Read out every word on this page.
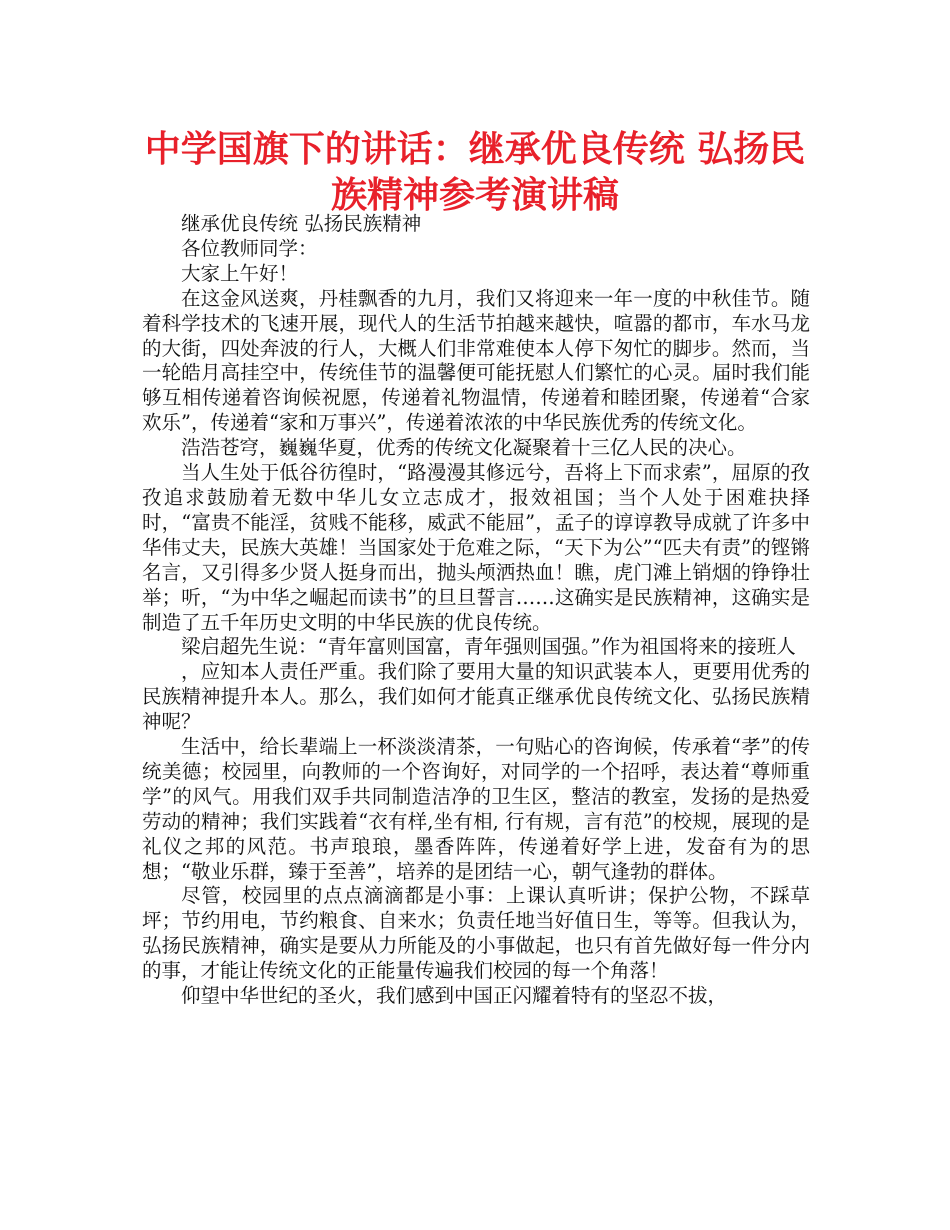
中学国旗下的讲话：继承优良传统 弘扬民
族精神参考演讲稿

继承优良传统 弘扬民族精神

各位教师同学：

大家上午好！

在这金风送爽，丹桂飘香的九月，我们又将迎来一年一度的中秋佳节。随着科学技术的飞速开展，现代人的生活节拍越来越快，喧嚣的都市，车水马龙的大街，四处奔波的行人，大概人们非常难使本人停下匆忙的脚步。然而，当一轮皓月高挂空中，传统佳节的温馨便可能抚慰人们繁忙的心灵。届时我们能够互相传递着咨询候祝愿，传递着礼物温情，传递着和睦团聚，传递着“合家欢乐”，传递着“家和万事兴”，传递着浓浓的中华民族优秀的传统文化。

浩浩苍穹，巍巍华夏，优秀的传统文化凝聚着十三亿人民的决心。

当人生处于低谷彷徨时，“路漫漫其修远兮，吾将上下而求索”，屈原的孜孜追求鼓励着无数中华儿女立志成才，报效祖国；当个人处于困难抉择时，“富贵不能淫，贫贱不能移，威武不能屈”，孟子的谆谆教导成就了许多中华伟丈夫，民族大英雄！当国家处于危难之际，“天下为公”“匹夫有责”的铿锵名言，又引得多少贤人挺身而出，抛头颅洒热血！瞧，虎门滩上销烟的铮铮壮举；听，“为中华之崛起而读书”的旦旦誓言……这确实是民族精神，这确实是制造了五千年历史文明的中华民族的优良传统。

梁启超先生说：“青年富则国富，青年强则国强。”作为祖国将来的接班人

，应知本人责任严重。我们除了要用大量的知识武装本人，更要用优秀的民族精神提升本人。那么，我们如何才能真正继承优良传统文化、弘扬民族精神呢？

生活中，给长辈端上一杯淡淡清茶，一句贴心的咨询候，传承着“孝”的传统美德；校园里，向教师的一个咨询好，对同学的一个招呼，表达着“尊师重学”的风气。用我们双手共同制造洁净的卫生区，整洁的教室，发扬的是热爱劳动的精神；我们实践着“衣有样,坐有相, 行有规，言有范”的校规，展现的是礼仪之邦的风范。书声琅琅，墨香阵阵，传递着好学上进，发奋有为的思想；“敬业乐群，臻于至善”，培养的是团结一心，朝气逢勃的群体。

尽管，校园里的点点滴滴都是小事：上课认真听讲；保护公物，不踩草坪；节约用电，节约粮食、自来水；负责任地当好值日生，等等。但我认为，弘扬民族精神，确实是要从力所能及的小事做起，也只有首先做好每一件分内的事，才能让传统文化的正能量传遍我们校园的每一个角落！

仰望中华世纪的圣火，我们感到中国正闪耀着特有的坚忍不拔，
